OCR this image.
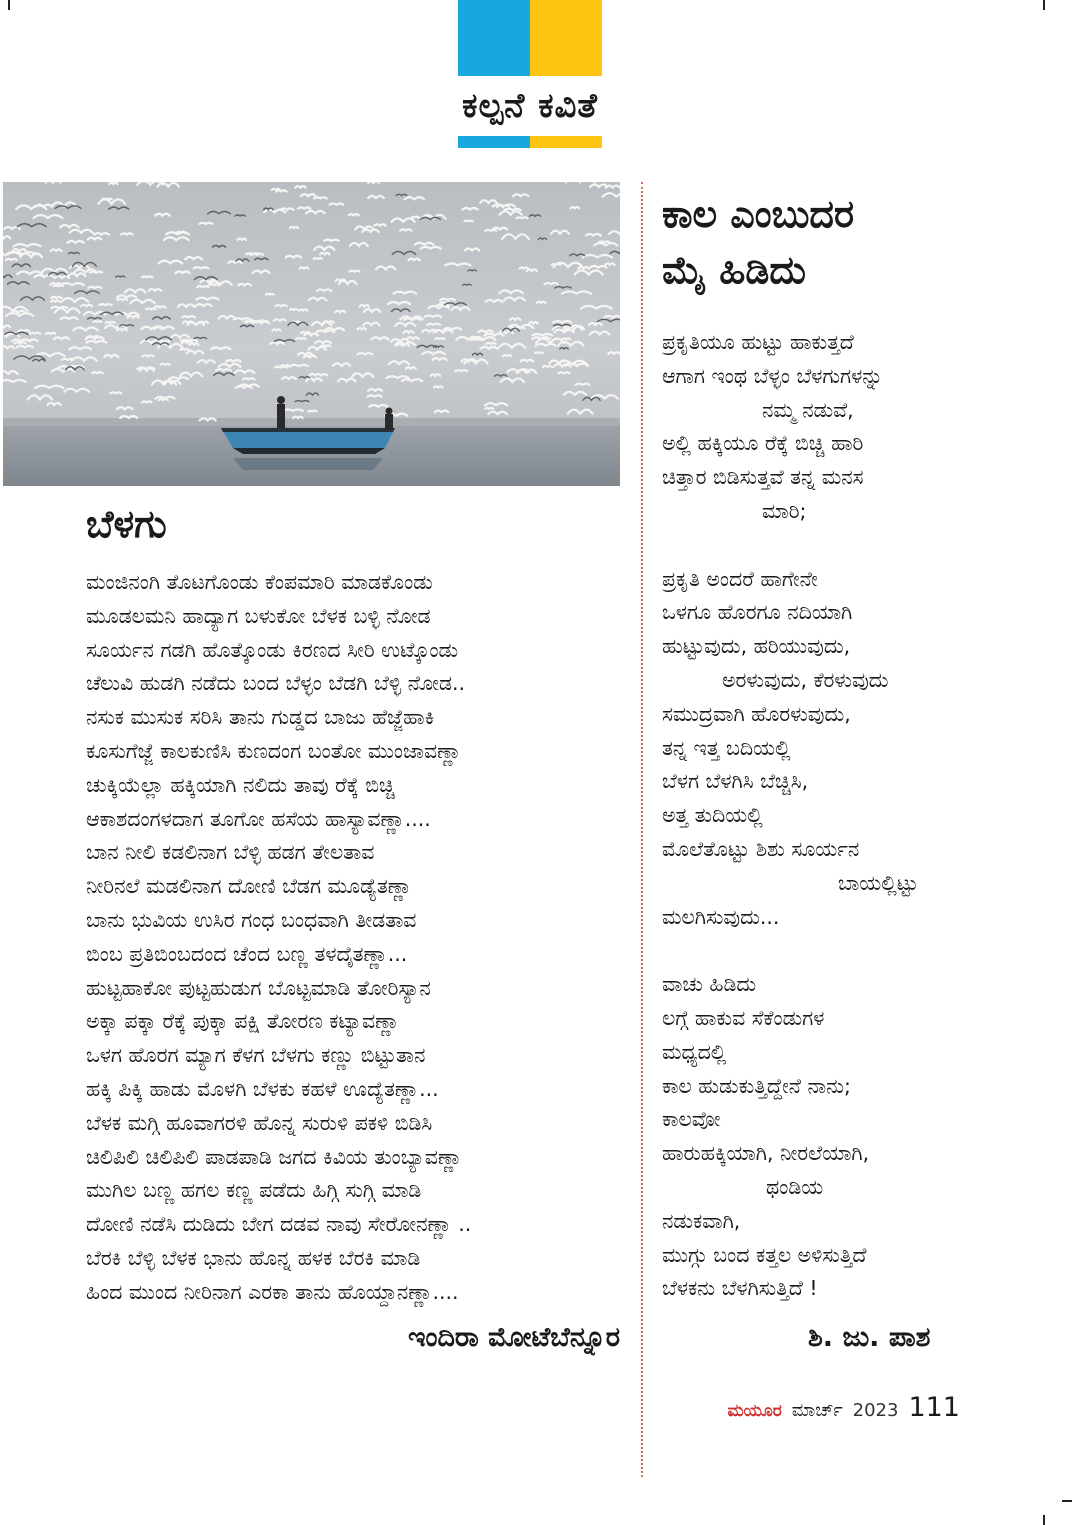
ಕಲ್ಪನೆ ಕವಿತೆ
ಬೆಳಗು
ಮಂಜಿನಂಗಿ ತೊಟಗೊಂಡು ಕೆಂಪಮಾರಿ ಮಾಡಕೊಂಡು
ಮೂಡಲಮನಿ ಹಾದ್ಯಾಗ ಬಳುಕೋ ಬೆಳಕ ಬಳ್ಳಿ ನೋಡ
ಸೂರ್ಯನ ಗಡಗಿ ಹೊತ್ಕೊಂಡು ಕಿರಣದ ಸೀರಿ ಉಟ್ಕೊಂಡು
ಚೆಲುವಿ ಹುಡಗಿ ನಡೆದು ಬಂದ ಬೆಳ್ಳಂ ಬೆಡಗಿ ಬೆಳ್ಳಿ ನೋಡ..
ನಸುಕ ಮುಸುಕ ಸರಿಸಿ ತಾನು ಗುಡ್ಡದ ಬಾಜು ಹೆಜ್ಜೆಹಾಕಿ
ಕೂಸುಗೆಜ್ಜೆ ಕಾಲಕುಣಿಸಿ ಕುಣದಂಗ ಬಂತೋ ಮುಂಜಾವಣ್ಣಾ
ಚುಕ್ಕಿಯೆಲ್ಲಾ ಹಕ್ಕಿಯಾಗಿ ನಲಿದು ತಾವು ರೆಕ್ಕೆ ಬಿಚ್ಚಿ
ಆಕಾಶದಂಗಳದಾಗ ತೂಗೋ ಹಸೆಯ ಹಾಸ್ಯಾವಣ್ಣಾ....
ಬಾನ ನೀಲಿ ಕಡಲಿನಾಗ ಬೆಳ್ಳಿ ಹಡಗ ತೇಲತಾವ
ನೀರಿನಲೆ ಮಡಲಿನಾಗ ದೋಣಿ ಬೆಡಗ ಮೂಡ್ಯೆತಣ್ಣಾ
ಬಾನು ಭುವಿಯ ಉಸಿರ ಗಂಧ ಬಂಧವಾಗಿ ತೀಡತಾವ
ಬಿಂಬ ಪ್ರತಿಬಿಂಬದಂದ ಚೆಂದ ಬಣ್ಣ ತಳದೈತಣ್ಣಾ...
ಹುಟ್ಟಹಾಕೋ ಪುಟ್ಟಹುಡುಗ ಬೊಟ್ಟಮಾಡಿ ತೋರಿಸ್ಯಾನ
ಅಕ್ಕಾ ಪಕ್ಕಾ ರೆಕ್ಕೆ ಪುಕ್ಕಾ ಪಕ್ಷಿ ತೋರಣ ಕಟ್ಯಾವಣ್ಣಾ
ಒಳಗ ಹೊರಗ ಮ್ಯಾಗ ಕೆಳಗ ಬೆಳಗು ಕಣ್ಣು ಬಿಟ್ಟುತಾನ
ಹಕ್ಕಿ ಪಿಕ್ಕಿ ಹಾಡು ಮೊಳಗಿ ಬೆಳಕು ಕಹಳೆ ಊದ್ಯೆತಣ್ಣಾ...
ಬೆಳಕ ಮಗ್ಗಿ ಹೂವಾಗರಳಿ ಹೊನ್ನ ಸುರುಳಿ ಪಕಳಿ ಬಿಡಿಸಿ
ಚಿಲಿಪಿಲಿ ಚಿಲಿಪಿಲಿ ಪಾಡಪಾಡಿ ಜಗದ ಕಿವಿಯ ತುಂಬ್ಯಾವಣ್ಣಾ
ಮುಗಿಲ ಬಣ್ಣ ಹಗಲ ಕಣ್ಣ ಪಡೆದು ಹಿಗ್ಗಿ ಸುಗ್ಗಿ ಮಾಡಿ
ದೋಣಿ ನಡೆಸಿ ದುಡಿದು ಬೇಗ ದಡವ ನಾವು ಸೇರೋನಣ್ಣಾ ..
ಬೆರಕಿ ಬೆಳ್ಳಿ ಬೆಳಕ ಭಾನು ಹೊನ್ನ ಹಳಕ ಬೆರಕಿ ಮಾಡಿ
ಹಿಂದ ಮುಂದ ನೀರಿನಾಗ ಎರಕಾ ತಾನು ಹೊಯ್ದಾನಣ್ಣಾ....
ಇಂದಿರಾ ಮೋಟೆಬೆನ್ನೂರ
ಕಾಲ ಎಂಬುದರ
ಮೈ ಹಿಡಿದು
ಪ್ರಕೃತಿಯೂ ಹುಟ್ಟು ಹಾಕುತ್ತದೆ
ಆಗಾಗ ಇಂಥ ಬೆಳ್ಳಂ ಬೆಳಗುಗಳನ್ನು
ನಮ್ಮ ನಡುವೆ,
ಅಲ್ಲಿ ಹಕ್ಕಿಯೂ ರೆಕ್ಕೆ ಬಿಚ್ಚಿ ಹಾರಿ
ಚಿತ್ತಾರ ಬಿಡಿಸುತ್ತವೆ ತನ್ನ ಮನಸ
ಮಾರಿ;
ಪ್ರಕೃತಿ ಅಂದರೆ ಹಾಗೇನೇ
ಒಳಗೂ ಹೊರಗೂ ನದಿಯಾಗಿ
ಹುಟ್ಟುವುದು, ಹರಿಯುವುದು,
ಅರಳುವುದು, ಕೆರಳುವುದು
ಸಮುದ್ರವಾಗಿ ಹೊರಳುವುದು,
ತನ್ನ ಇತ್ತ ಬದಿಯಲ್ಲಿ
ಬೆಳಗ ಬೆಳಗಿಸಿ ಬೆಚ್ಚಿಸಿ,
ಅತ್ತ ತುದಿಯಲ್ಲಿ
ಮೊಲೆತೊಟ್ಟು ಶಿಶು ಸೂರ್ಯನ
ಬಾಯಲ್ಲಿಟ್ಟು
ಮಲಗಿಸುವುದು...
ವಾಚು ಹಿಡಿದು
ಲಗ್ಗೆ ಹಾಕುವ ಸೆಕೆಂಡುಗಳ
ಮಧ್ಯದಲ್ಲಿ
ಕಾಲ ಹುಡುಕುತ್ತಿದ್ದೇನೆ ನಾನು;
ಕಾಲವೋ
ಹಾರುಹಕ್ಕಿಯಾಗಿ, ನೀರಲೆಯಾಗಿ,
ಥಂಡಿಯ
ನಡುಕವಾಗಿ,
ಮುಗ್ಗು ಬಂದ ಕತ್ತಲ ಅಳಿಸುತ್ತಿದೆ
ಬೆಳಕನು ಬೆಳಗಿಸುತ್ತಿದೆ !
ಶಿ. ಜು. ಪಾಶ
ಮಯೂರ ಮಾರ್ಚ್ 2023 111
